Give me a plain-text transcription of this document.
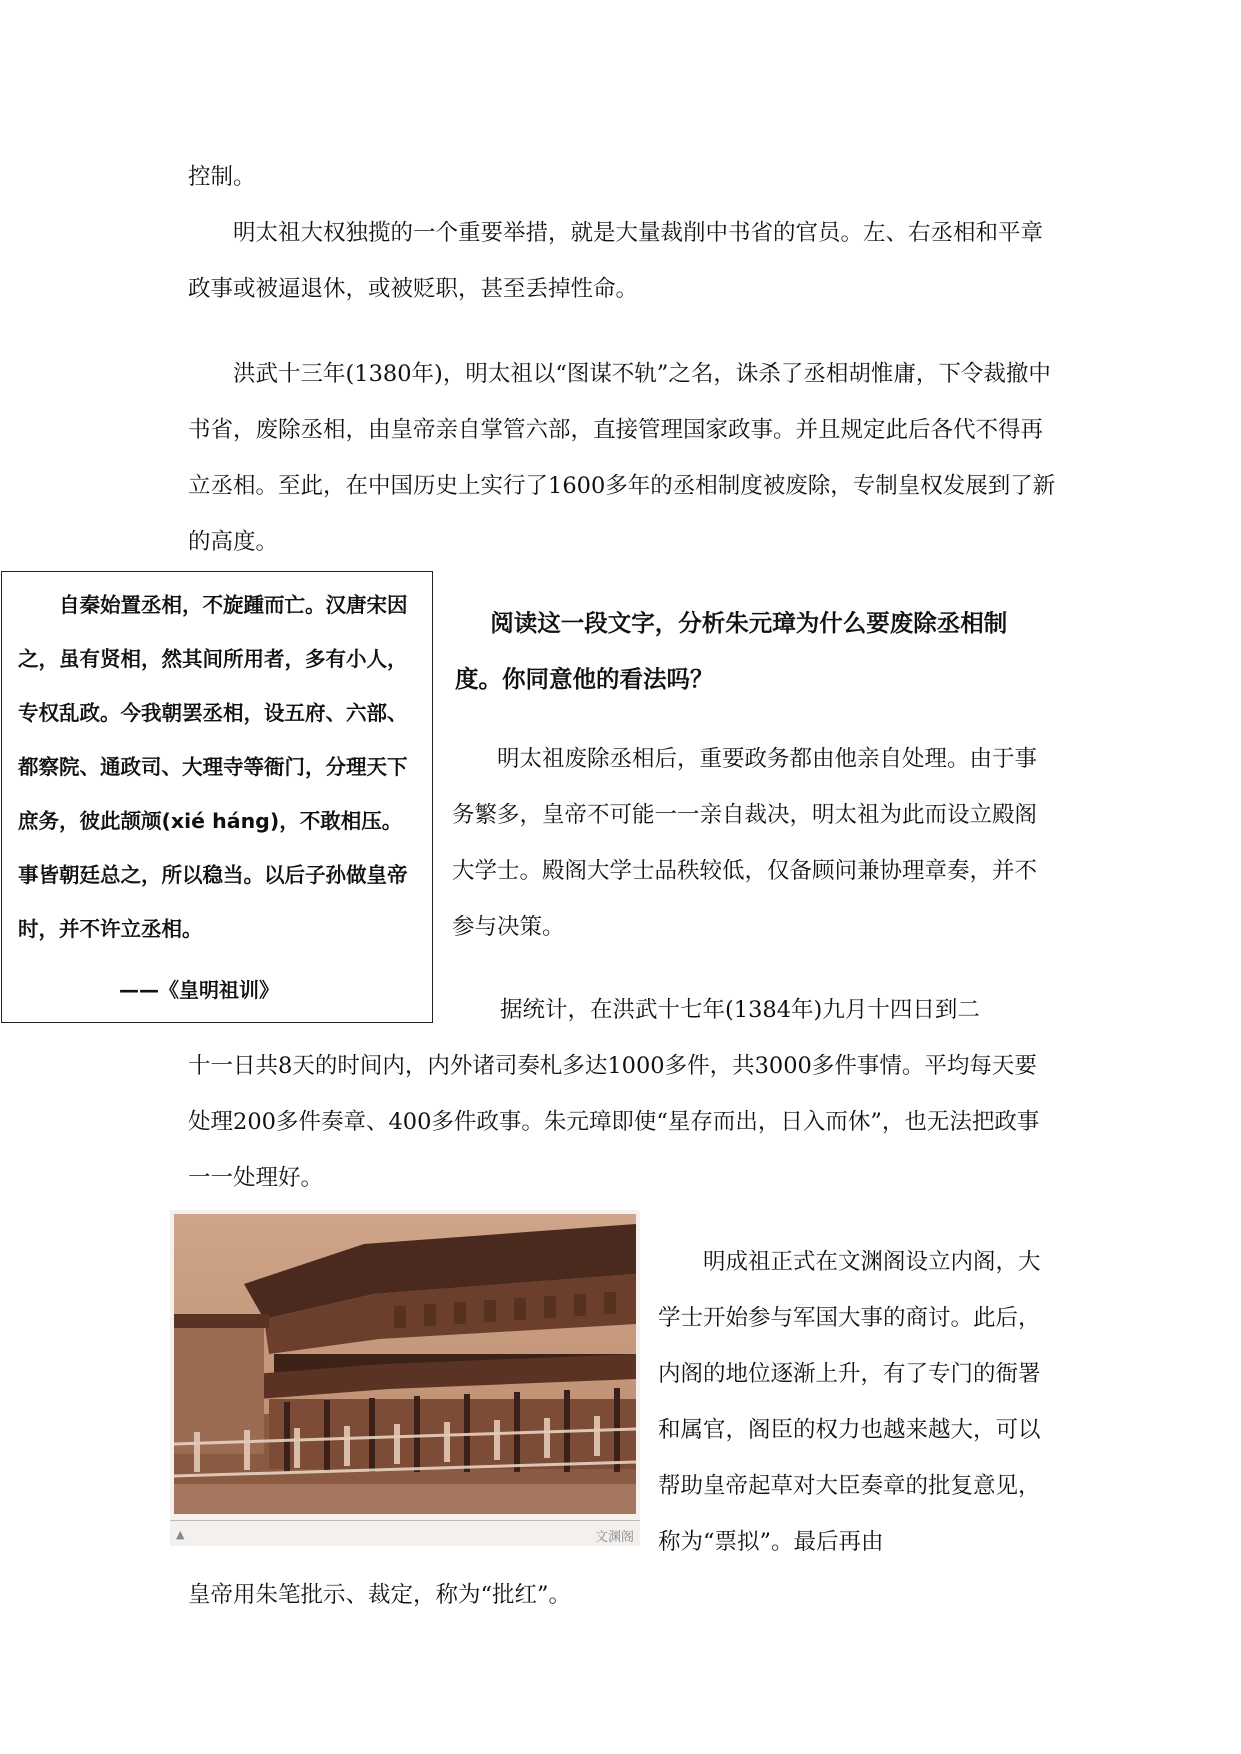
控制。

明太祖大权独揽的一个重要举措，就是大量裁削中书省的官员。左、右丞相和平章政事或被逼退休，或被贬职，甚至丢掉性命。

洪武十三年(1380年)，明太祖以“图谋不轨”之名，诛杀了丞相胡惟庸，下令裁撤中书省，废除丞相，由皇帝亲自掌管六部，直接管理国家政事。并且规定此后各代不得再立丞相。至此，在中国历史上实行了1600多年的丞相制度被废除，专制皇权发展到了新的高度。

自秦始置丞相，不旋踵而亡。汉唐宋因之，虽有贤相，然其间所用者，多有小人，专权乱政。今我朝罢丞相，设五府、六部、都察院、通政司、大理寺等衙门，分理天下庶务，彼此颉颃(xié háng)，不敢相压。事皆朝廷总之，所以稳当。以后子孙做皇帝时，并不许立丞相。

——《皇明祖训》

阅读这一段文字，分析朱元璋为什么要废除丞相制度。你同意他的看法吗？

明太祖废除丞相后，重要政务都由他亲自处理。由于事务繁多，皇帝不可能一一亲自裁决，明太祖为此而设立殿阁大学士。殿阁大学士品秩较低，仅备顾问兼协理章奏，并不参与决策。

据统计，在洪武十七年(1384年)九月十四日到二

十一日共8天的时间内，内外诸司奏札多达1000多件，共3000多件事情。平均每天要处理200多件奏章、400多件政事。朱元璋即使“星存而出，日入而休”，也无法把政事一一处理好。

▲	文渊阁

明成祖正式在文渊阁设立内阁，大学士开始参与军国大事的商讨。此后，内阁的地位逐渐上升，有了专门的衙署和属官，阁臣的权力也越来越大，可以帮助皇帝起草对大臣奏章的批复意见，称为“票拟”。最后再由

皇帝用朱笔批示、裁定，称为“批红”。
